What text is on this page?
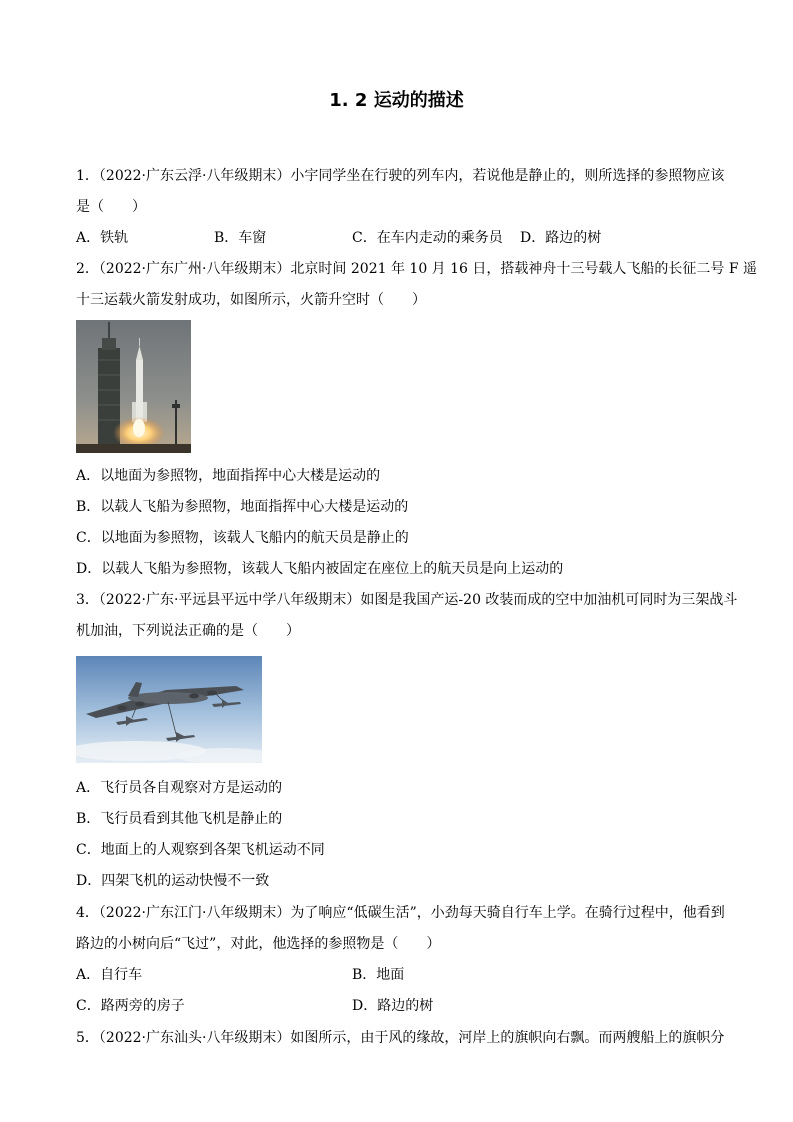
1. 2 运动的描述
1．（2022·广东云浮·八年级期末）小宇同学坐在行驶的列车内，若说他是静止的，则所选择的参照物应该
是（　　）
A．铁轨	B．车窗	C．在车内走动的乘务员 D．路边的树
2．（2022·广东广州·八年级期末）北京时间 2021 年 10 月 16 日，搭载神舟十三号载人飞船的长征二号 F 遥
十三运载火箭发射成功，如图所示，火箭升空时（　　）
A．以地面为参照物，地面指挥中心大楼是运动的
B．以载人飞船为参照物，地面指挥中心大楼是运动的
C．以地面为参照物，该载人飞船内的航天员是静止的
D．以载人飞船为参照物，该载人飞船内被固定在座位上的航天员是向上运动的
3．（2022·广东·平远县平远中学八年级期末）如图是我国产运-20 改装而成的空中加油机可同时为三架战斗
机加油，下列说法正确的是（　　）
A．飞行员各自观察对方是运动的
B．飞行员看到其他飞机是静止的
C．地面上的人观察到各架飞机运动不同
D．四架飞机的运动快慢不一致
4．（2022·广东江门·八年级期末）为了响应“低碳生活”，小劲每天骑自行车上学。在骑行过程中，他看到
路边的小树向后“飞过”，对此，他选择的参照物是（　　）
A．自行车	B．地面
C．路两旁的房子	D．路边的树
5．（2022·广东汕头·八年级期末）如图所示，由于风的缘故，河岸上的旗帜向右飘。而两艘船上的旗帜分
